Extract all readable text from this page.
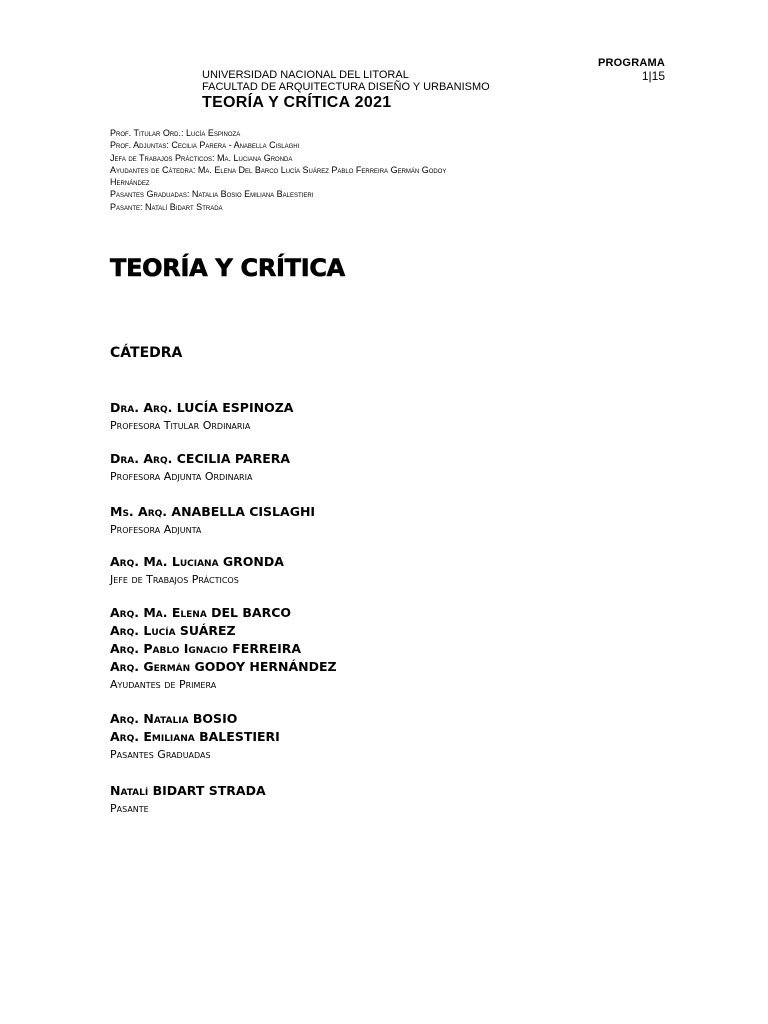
PROGRAMA
1|15
UNIVERSIDAD NACIONAL DEL LITORAL
FACULTAD DE ARQUITECTURA DISEÑO Y URBANISMO
TEORÍA Y CRÍTICA 2021
Prof. Titular Ord.: Lucía Espinoza
Prof. Adjuntas: Cecilia Parera - Anabella Cislaghi
Jefa de Trabajos Prácticos: Ma. Luciana Gronda
Ayudantes de Cátedra: Ma. Elena Del Barco Lucía Suárez Pablo Ferreira Germán Godoy
Hernández
Pasantes Graduadas: Natalia Bosio Emiliana Balestieri
Pasante: Natalí Bidart Strada
TEORÍA Y CRÍTICA
CÁTEDRA
Dra. Arq. LUCÍA ESPINOZA
Profesora Titular Ordinaria
Dra. Arq. CECILIA PARERA
Profesora Adjunta Ordinaria
Ms. Arq. ANABELLA CISLAGHI
Profesora Adjunta
Arq. Ma. Luciana GRONDA
Jefe de Trabajos Prácticos
Arq. Ma. Elena DEL BARCO
Arq. Lucía SUÁREZ
Arq. Pablo Ignacio FERREIRA
Arq. Germán GODOY HERNÁNDEZ
Ayudantes de Primera
Arq. Natalia BOSIO
Arq. Emiliana BALESTIERI
Pasantes Graduadas
Natalí BIDART STRADA
Pasante
